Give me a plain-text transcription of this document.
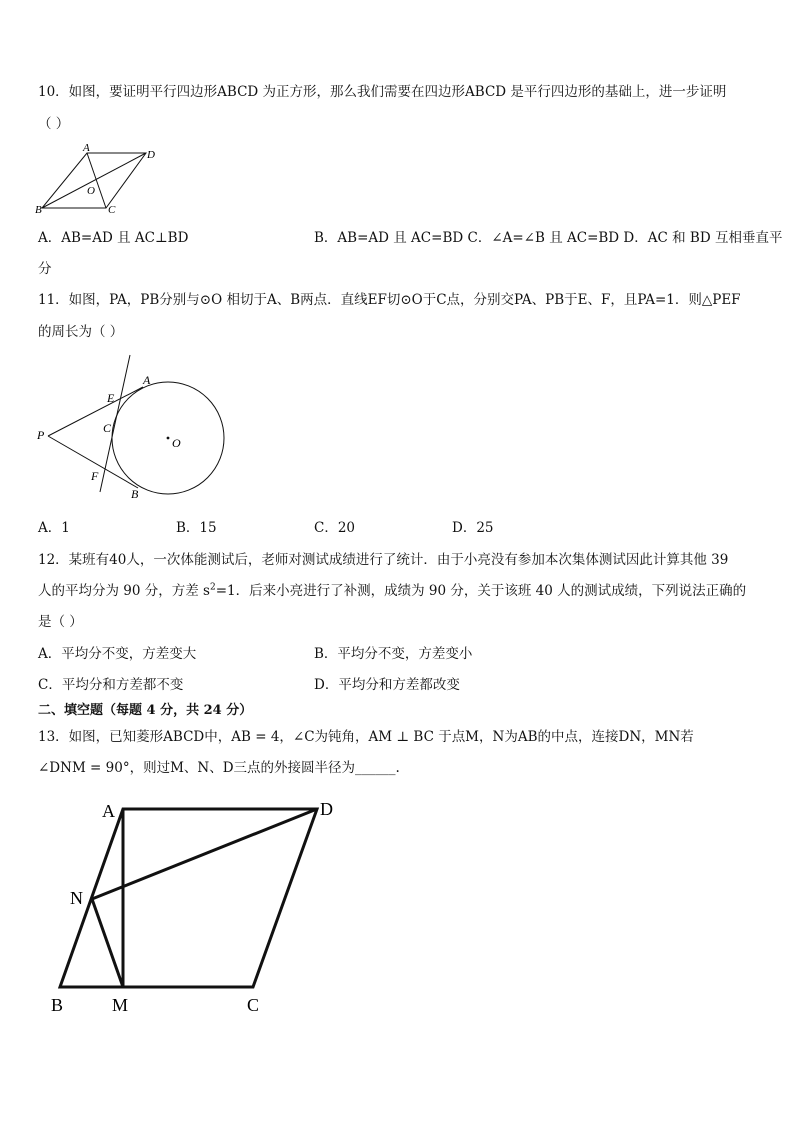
10．如图，要证明平行四边形ABCD 为正方形，那么我们需要在四边形ABCD 是平行四边形的基础上，进一步证明
（ ）
A
D
B	C
O
A．AB=AD 且 AC⊥BD	B．AB=AD 且 AC=BD C．∠A=∠B 且 AC=BD D．AC 和 BD 互相垂直平
分
11．如图，PA，PB分别与⊙O 相切于A、B两点．直线EF切⊙O于C点，分别交PA、PB于E、F，且PA=1．则△PEF
的周长为（ ）
A
E
C
P
O
F
B
A．1	B．15	C．20	D．25
12．某班有40人，一次体能测试后，老师对测试成绩进行了统计．由于小亮没有参加本次集体测试因此计算其他 39
人的平均分为 90 分，方差 $s^2=1$．后来小亮进行了补测，成绩为 90 分，关于该班 40 人的测试成绩，下列说法正确的
是（ ）
A．平均分不变，方差变大	B．平均分不变，方差变小
C．平均分和方差都不变	D．平均分和方差都改变
二、填空题（每题 4 分，共 24 分）
13．如图，已知菱形ABCD中，AB = 4，∠C为钝角，AM ⊥ BC 于点M，N为AB的中点，连接DN，MN若
∠DNM = 90°，则过M、N、D三点的外接圆半径为______.
A	D
N
B	M	C
